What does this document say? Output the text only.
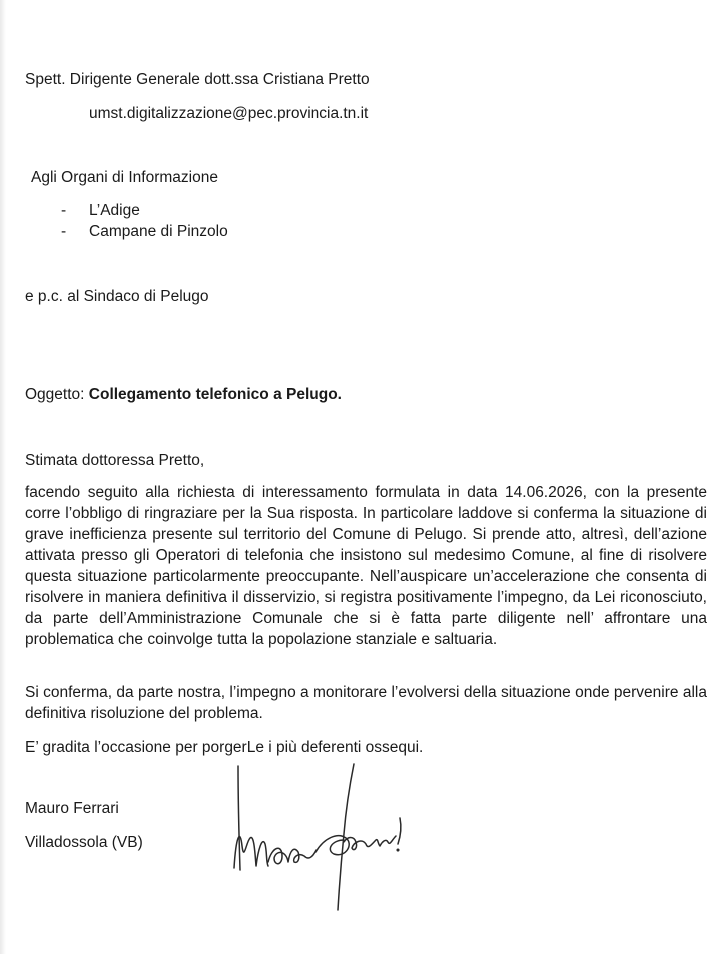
Spett. Dirigente Generale dott.ssa Cristiana Pretto
umst.digitalizzazione@pec.provincia.tn.it
Agli Organi di Informazione
- L’Adige
- Campane di Pinzolo
e p.c. al Sindaco di Pelugo
Oggetto: Collegamento telefonico a Pelugo.
Stimata dottoressa Pretto,
facendo seguito alla richiesta di interessamento formulata in data 14.06.2026, con la presente corre l’obbligo di ringraziare per la Sua risposta. In particolare laddove si conferma la situazione di grave inefficienza presente sul territorio del Comune di Pelugo. Si prende atto, altresì, dell’azione attivata presso gli Operatori di telefonia che insistono sul medesimo Comune, al fine di risolvere questa situazione particolarmente preoccupante. Nell’auspicare un’accelerazione che consenta di risolvere in maniera definitiva il disservizio, si registra positivamente l’impegno, da Lei riconosciuto, da parte dell’Amministrazione Comunale che si è fatta parte diligente nell’ affrontare una problematica che coinvolge tutta la popolazione stanziale e saltuaria.
Si conferma, da parte nostra, l’impegno a monitorare l’evolversi della situazione onde pervenire alla definitiva risoluzione del problema.
E’ gradita l’occasione per porgerLe i più deferenti ossequi.
Mauro Ferrari
Villadossola (VB)
